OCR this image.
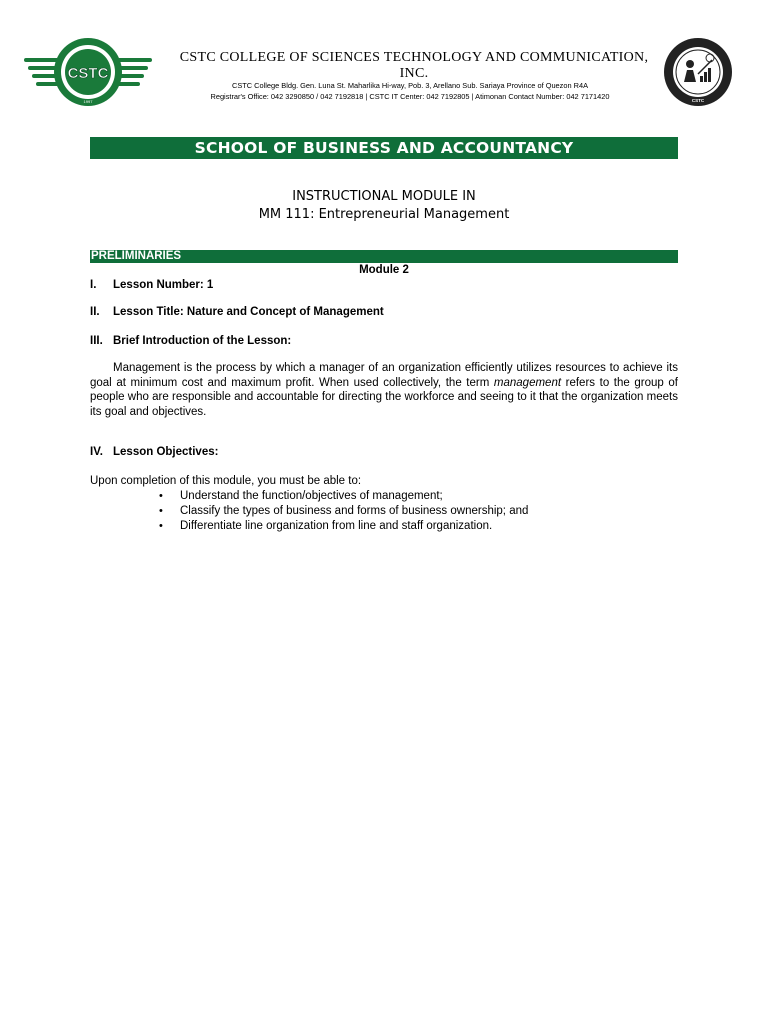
CSTC
1997
CSTC COLLEGE OF SCIENCES TECHNOLOGY AND COMMUNICATION, INC.
CSTC College Bldg. Gen. Luna St. Maharlika Hi-way, Pob. 3, Arellano Sub. Sariaya Province of Quezon R4A
Registrar's Office: 042 3290850 / 042 7192818 | CSTC IT Center: 042 7192805 | Atimonan Contact Number: 042 7171420	CSTC
SCHOOL OF BUSINESS AND ACCOUNTANCY
INSTRUCTIONAL MODULE IN
MM 111: Entrepreneurial Management
PRELIMINARIES
Module 2
I.	Lesson Number: 1
II.	Lesson Title: Nature and Concept of Management
III. Brief Introduction of the Lesson:

Management is the process by which a manager of an organization efficiently utilizes resources to achieve its goal at minimum cost and maximum profit. When used collectively, the term management refers to the group of people who are responsible and accountable for directing the workforce and seeing to it that the organization meets its goal and objectives.

IV. Lesson Objectives:
Upon completion of this module, you must be able to:
• Understand the function/objectives of management;
• Classify the types of business and forms of business ownership; and
• Differentiate line organization from line and staff organization.
